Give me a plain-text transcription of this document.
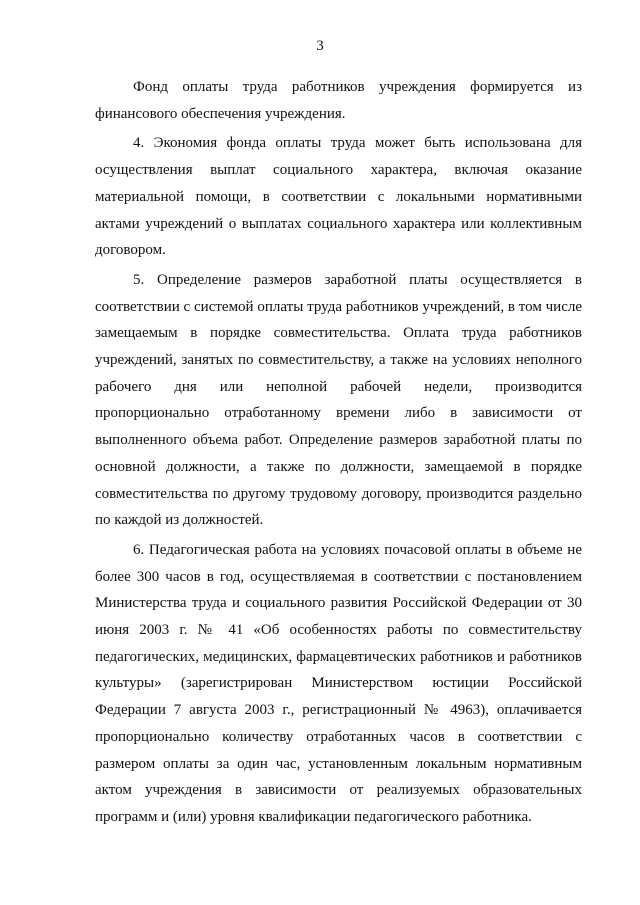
3

Фонд оплаты труда работников учреждения формируется из финансового обеспечения учреждения.

4. Экономия фонда оплаты труда может быть использована для осуществления выплат социального характера, включая оказание материальной помощи, в соответствии с локальными нормативными актами учреждений о выплатах социального характера или коллективным договором.

5. Определение размеров заработной платы осуществляется в соответствии с системой оплаты труда работников учреждений, в том числе замещаемым в порядке совместительства. Оплата труда работников учреждений, занятых по совместительству, а также на условиях неполного рабочего дня или неполной рабочей недели, производится пропорционально отработанному времени либо в зависимости от выполненного объема работ. Определение размеров заработной платы по основной должности, а также по должности, замещаемой в порядке совместительства по другому трудовому договору, производится раздельно по каждой из должностей.

6. Педагогическая работа на условиях почасовой оплаты в объеме не более 300 часов в год, осуществляемая в соответствии с постановлением Министерства труда и социального развития Российской Федерации от 30 июня 2003 г. № 41 «Об особенностях работы по совместительству педагогических, медицинских, фармацевтических работников и работников культуры» (зарегистрирован Министерством юстиции Российской Федерации 7 августа 2003 г., регистрационный № 4963), оплачивается пропорционально количеству отработанных часов в соответствии с размером оплаты за один час, установленным локальным нормативным актом учреждения в зависимости от реализуемых образовательных программ и (или) уровня квалификации педагогического работника.
